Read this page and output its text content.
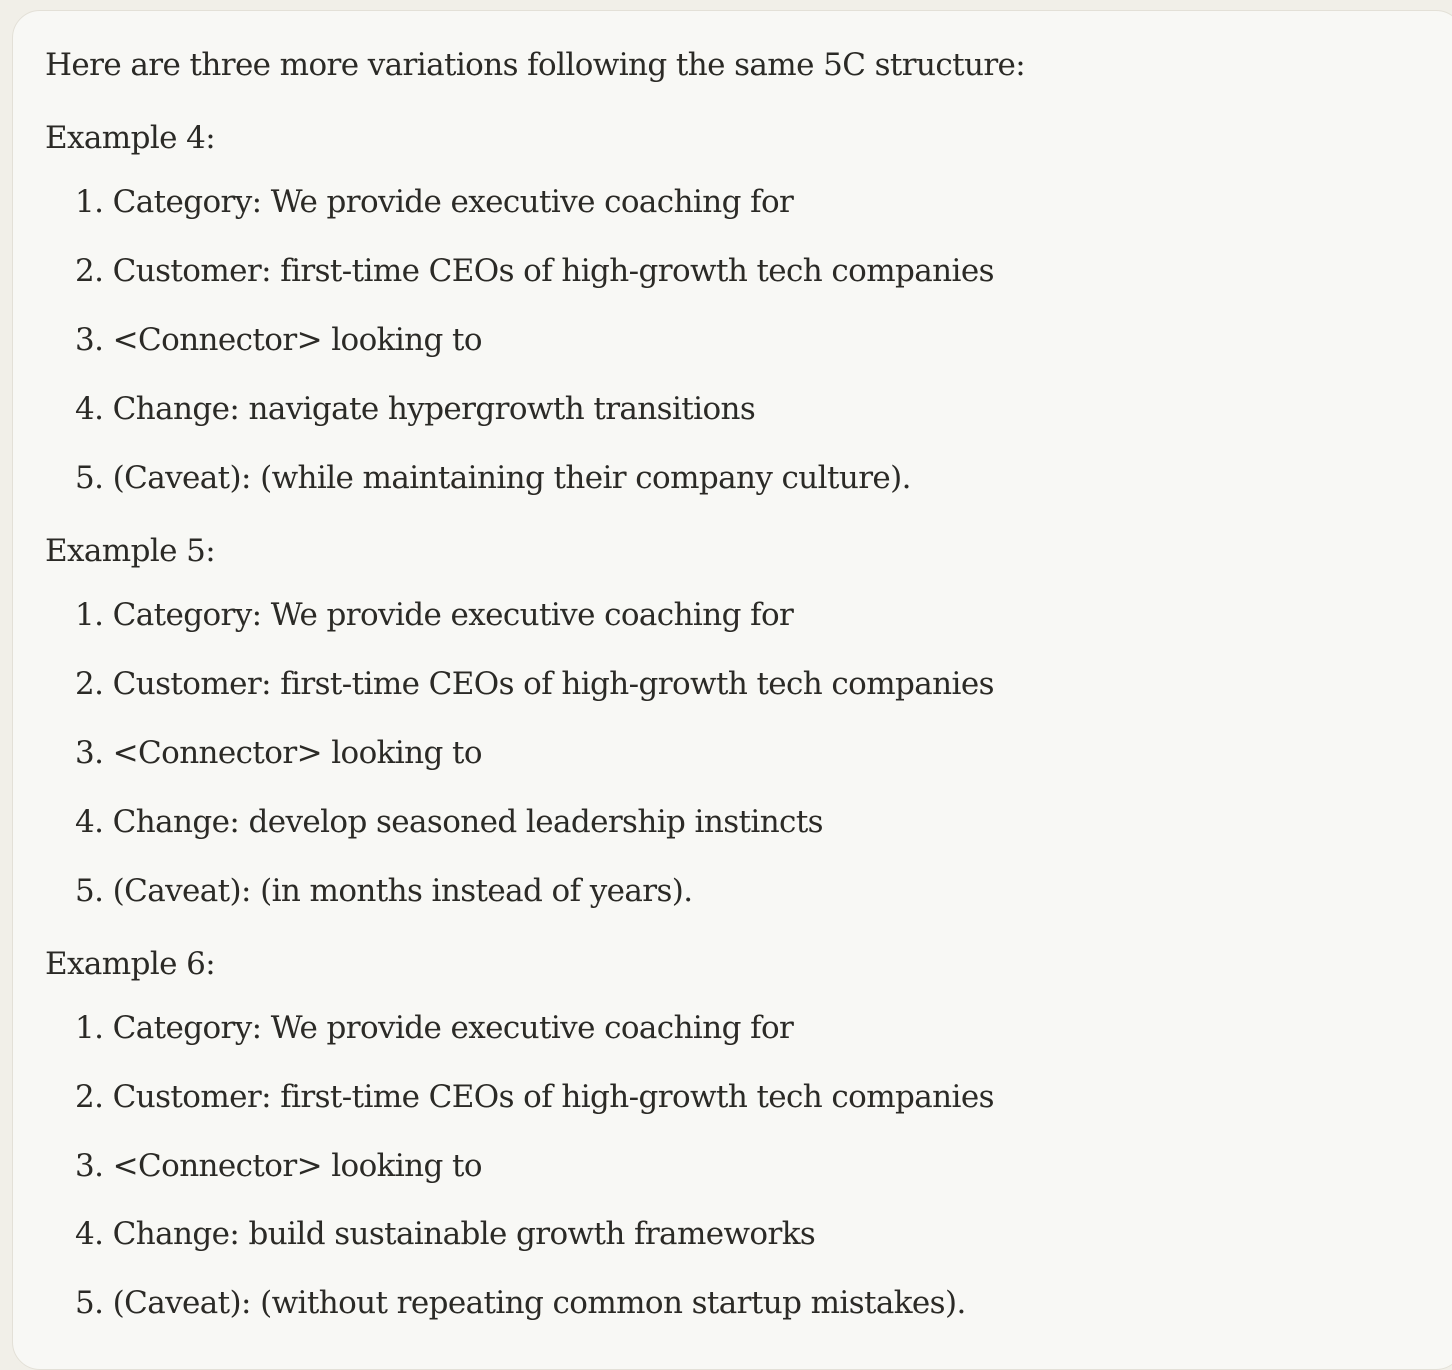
Here are three more variations following the same 5C structure:
Example 4:
1. Category: We provide executive coaching for
2. Customer: first-time CEOs of high-growth tech companies
3. <Connector> looking to
4. Change: navigate hypergrowth transitions
5. (Caveat): (while maintaining their company culture).
Example 5:
1. Category: We provide executive coaching for
2. Customer: first-time CEOs of high-growth tech companies
3. <Connector> looking to
4. Change: develop seasoned leadership instincts
5. (Caveat): (in months instead of years).
Example 6:
1. Category: We provide executive coaching for
2. Customer: first-time CEOs of high-growth tech companies
3. <Connector> looking to
4. Change: build sustainable growth frameworks
5. (Caveat): (without repeating common startup mistakes).
